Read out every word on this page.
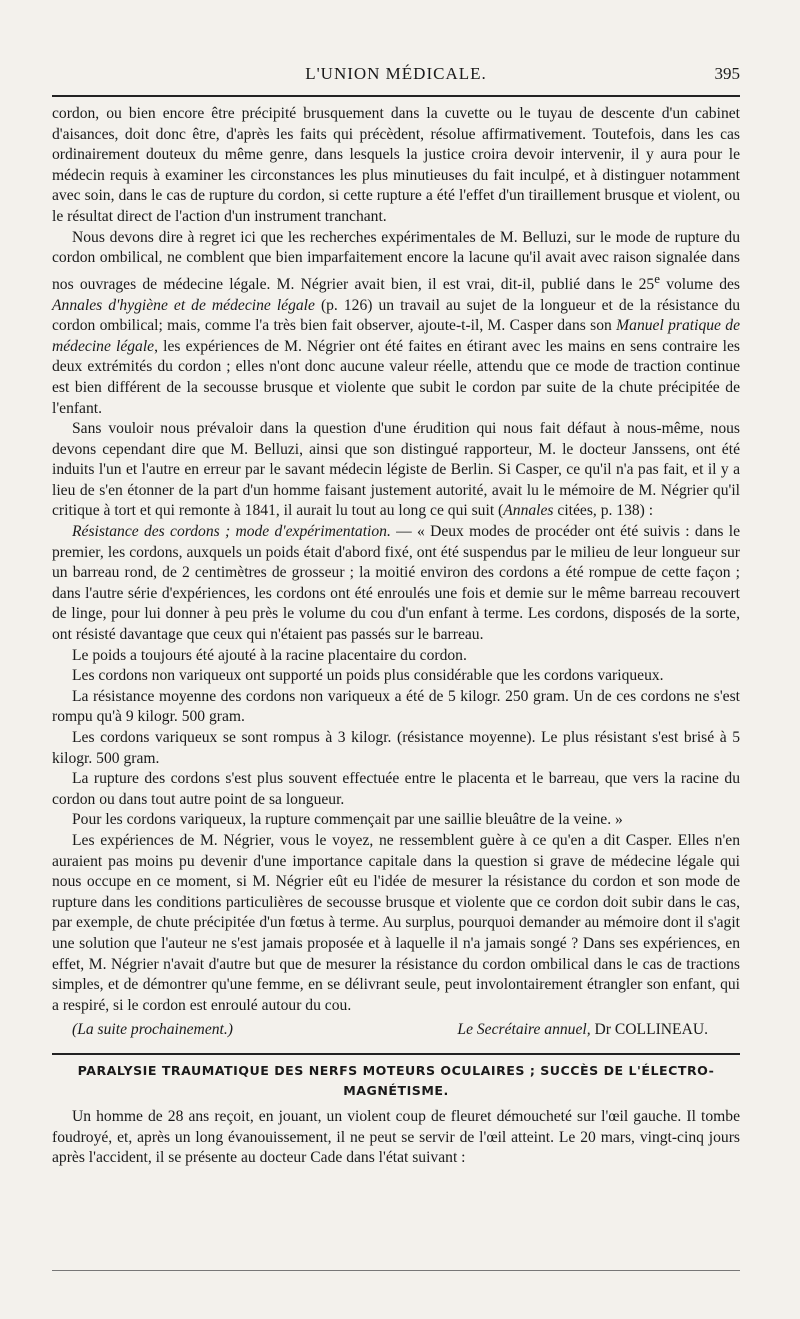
L'UNION MÉDICALE.	395

cordon, ou bien encore être précipité brusquement dans la cuvette ou le tuyau de descente d'un cabinet d'aisances, doit donc être, d'après les faits qui précèdent, résolue affirmativement. Toutefois, dans les cas ordinairement douteux du même genre, dans lesquels la justice croira devoir intervenir, il y aura pour le médecin requis à examiner les circonstances les plus minutieuses du fait inculpé, et à distinguer notamment avec soin, dans le cas de rupture du cordon, si cette rupture a été l'effet d'un tiraillement brusque et violent, ou le résultat direct de l'action d'un instrument tranchant.

Nous devons dire à regret ici que les recherches expérimentales de M. Belluzi, sur le mode de rupture du cordon ombilical, ne comblent que bien imparfaitement encore la lacune qu'il avait avec raison signalée dans nos ouvrages de médecine légale. M. Négrier avait bien, il est vrai, dit-il, publié dans le 25e volume des Annales d'hygiène et de médecine légale (p. 126) un travail au sujet de la longueur et de la résistance du cordon ombilical; mais, comme l'a très bien fait observer, ajoute-t-il, M. Casper dans son Manuel pratique de médecine légale, les expériences de M. Négrier ont été faites en étirant avec les mains en sens contraire les deux extrémités du cordon ; elles n'ont donc aucune valeur réelle, attendu que ce mode de traction continue est bien différent de la secousse brusque et violente que subit le cordon par suite de la chute précipitée de l'enfant.

Sans vouloir nous prévaloir dans la question d'une érudition qui nous fait défaut à nous-même, nous devons cependant dire que M. Belluzi, ainsi que son distingué rapporteur, M. le docteur Janssens, ont été induits l'un et l'autre en erreur par le savant médecin légiste de Berlin. Si Casper, ce qu'il n'a pas fait, et il y a lieu de s'en étonner de la part d'un homme faisant justement autorité, avait lu le mémoire de M. Négrier qu'il critique à tort et qui remonte à 1841, il aurait lu tout au long ce qui suit (Annales citées, p. 138) :

Résistance des cordons ; mode d'expérimentation. — « Deux modes de procéder ont été suivis : dans le premier, les cordons, auxquels un poids était d'abord fixé, ont été suspendus par le milieu de leur longueur sur un barreau rond, de 2 centimètres de grosseur ; la moitié environ des cordons a été rompue de cette façon ; dans l'autre série d'expériences, les cordons ont été enroulés une fois et demie sur le même barreau recouvert de linge, pour lui donner à peu près le volume du cou d'un enfant à terme. Les cordons, disposés de la sorte, ont résisté davantage que ceux qui n'étaient pas passés sur le barreau.

Le poids a toujours été ajouté à la racine placentaire du cordon.

Les cordons non variqueux ont supporté un poids plus considérable que les cordons variqueux.

La résistance moyenne des cordons non variqueux a été de 5 kilogr. 250 gram. Un de ces cordons ne s'est rompu qu'à 9 kilogr. 500 gram.

Les cordons variqueux se sont rompus à 3 kilogr. (résistance moyenne). Le plus résistant s'est brisé à 5 kilogr. 500 gram.

La rupture des cordons s'est plus souvent effectuée entre le placenta et le barreau, que vers la racine du cordon ou dans tout autre point de sa longueur.

Pour les cordons variqueux, la rupture commençait par une saillie bleuâtre de la veine. »

Les expériences de M. Négrier, vous le voyez, ne ressemblent guère à ce qu'en a dit Casper. Elles n'en auraient pas moins pu devenir d'une importance capitale dans la question si grave de médecine légale qui nous occupe en ce moment, si M. Négrier eût eu l'idée de mesurer la résistance du cordon et son mode de rupture dans les conditions particulières de secousse brusque et violente que ce cordon doit subir dans le cas, par exemple, de chute précipitée d'un fœtus à terme. Au surplus, pourquoi demander au mémoire dont il s'agit une solution que l'auteur ne s'est jamais proposée et à laquelle il n'a jamais songé ? Dans ses expériences, en effet, M. Négrier n'avait d'autre but que de mesurer la résistance du cordon ombilical dans le cas de tractions simples, et de démontrer qu'une femme, en se délivrant seule, peut involontairement étrangler son enfant, qui a respiré, si le cordon est enroulé autour du cou.

(La suite prochainement.)	Le Secrétaire annuel, Dr COLLINEAU.
PARALYSIE TRAUMATIQUE DES NERFS MOTEURS OCULAIRES ; SUCCÈS DE L'ÉLECTRO-MAGNÉTISME.

Un homme de 28 ans reçoit, en jouant, un violent coup de fleuret démoucheté sur l'œil gauche. Il tombe foudroyé, et, après un long évanouissement, il ne peut se servir de l'œil atteint. Le 20 mars, vingt-cinq jours après l'accident, il se présente au docteur Cade dans l'état suivant :
